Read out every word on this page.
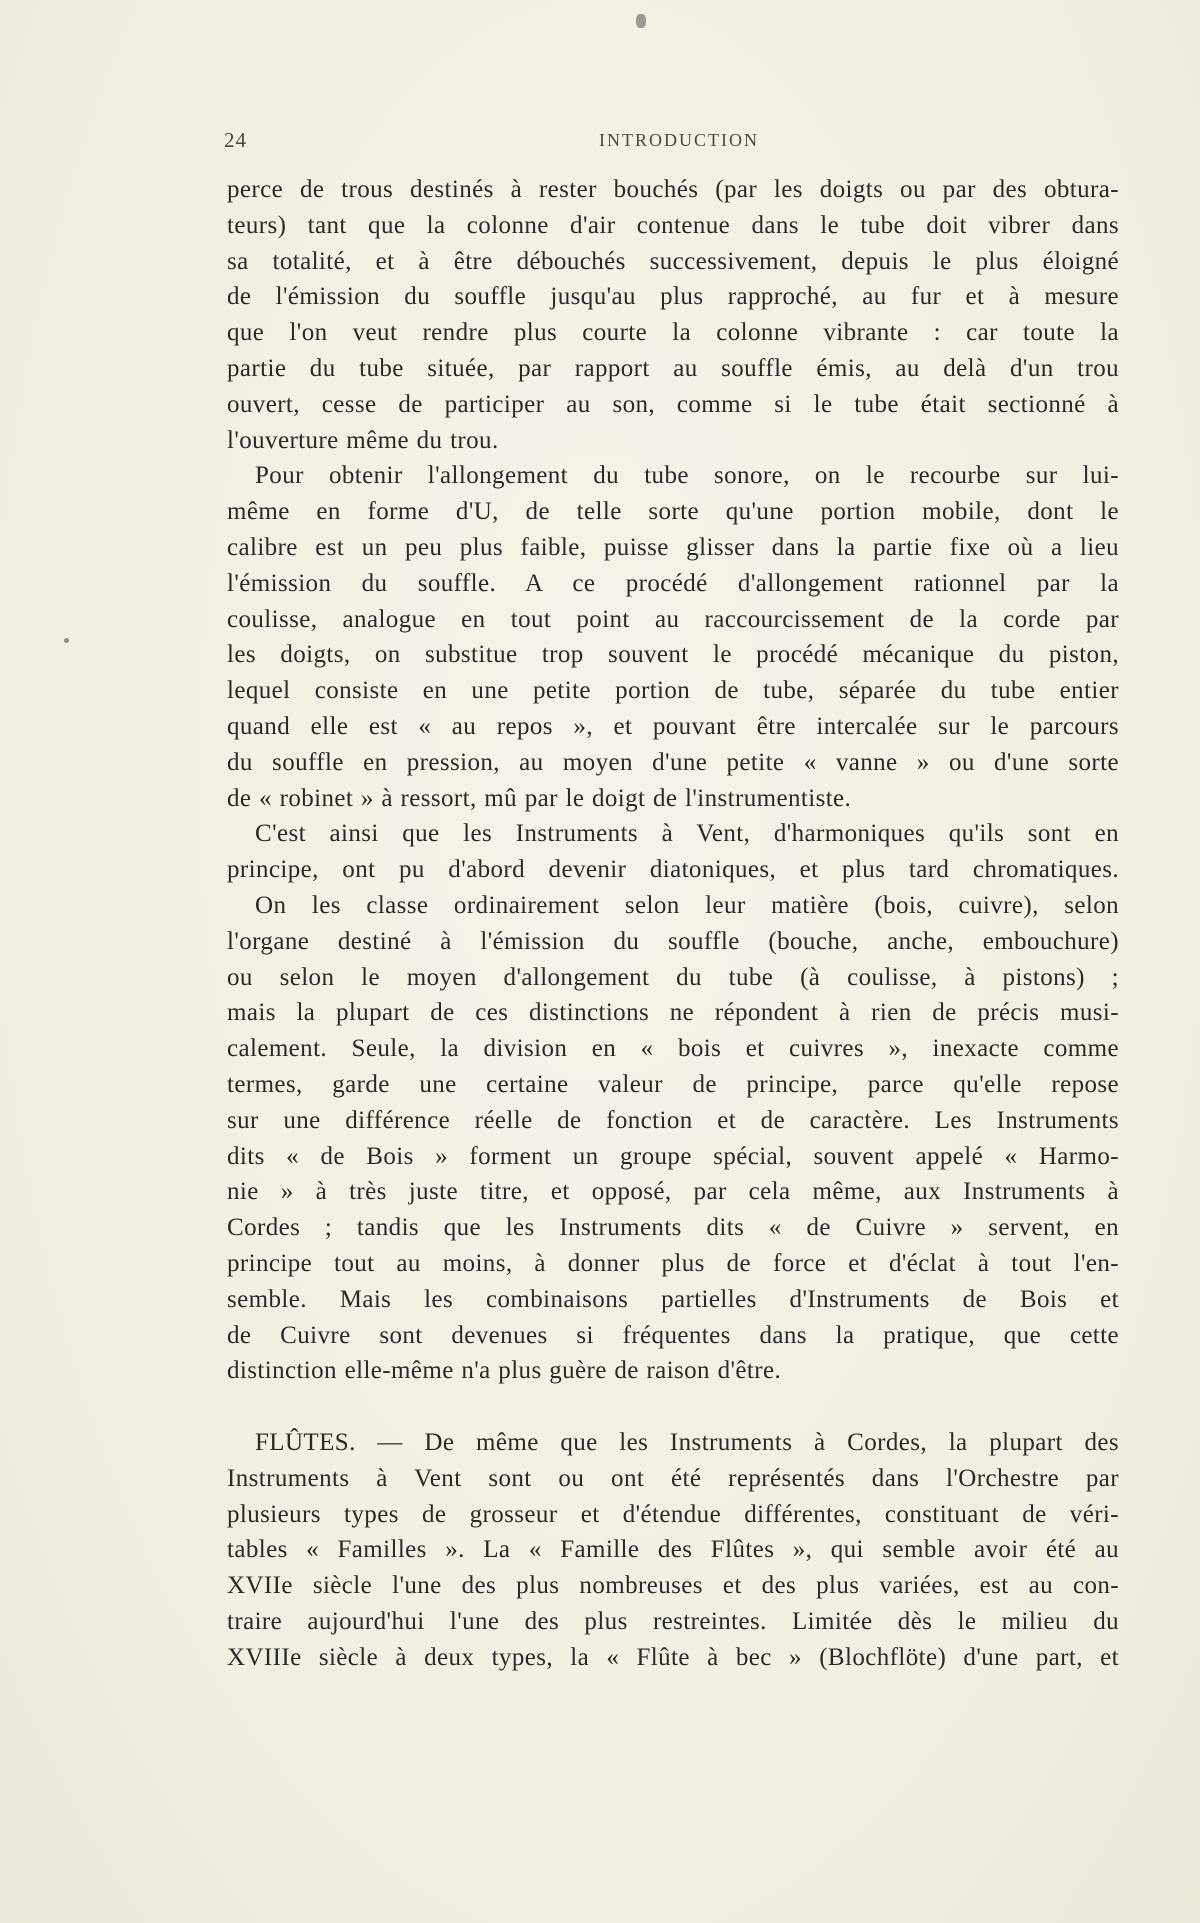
24	INTRODUCTION
perce de trous destinés à rester bouchés (par les doigts ou par des obtura-
teurs) tant que la colonne d'air contenue dans le tube doit vibrer dans
sa totalité, et à être débouchés successivement, depuis le plus éloigné
de l'émission du souffle jusqu'au plus rapproché, au fur et à mesure
que l'on veut rendre plus courte la colonne vibrante : car toute la
partie du tube située, par rapport au souffle émis, au delà d'un trou
ouvert, cesse de participer au son, comme si le tube était sectionné à
l'ouverture même du trou.
Pour obtenir l'allongement du tube sonore, on le recourbe sur lui-
même en forme d'U, de telle sorte qu'une portion mobile, dont le
calibre est un peu plus faible, puisse glisser dans la partie fixe où a lieu
l'émission du souffle. A ce procédé d'allongement rationnel par la
coulisse, analogue en tout point au raccourcissement de la corde par
les doigts, on substitue trop souvent le procédé mécanique du piston,
lequel consiste en une petite portion de tube, séparée du tube entier
quand elle est « au repos », et pouvant être intercalée sur le parcours
du souffle en pression, au moyen d'une petite « vanne » ou d'une sorte
de « robinet » à ressort, mû par le doigt de l'instrumentiste.
C'est ainsi que les Instruments à Vent, d'harmoniques qu'ils sont en
principe, ont pu d'abord devenir diatoniques, et plus tard chromatiques.
On les classe ordinairement selon leur matière (bois, cuivre), selon
l'organe destiné à l'émission du souffle (bouche, anche, embouchure)
ou selon le moyen d'allongement du tube (à coulisse, à pistons) ;
mais la plupart de ces distinctions ne répondent à rien de précis musi-
calement. Seule, la division en « bois et cuivres », inexacte comme
termes, garde une certaine valeur de principe, parce qu'elle repose
sur une différence réelle de fonction et de caractère. Les Instruments
dits « de Bois » forment un groupe spécial, souvent appelé « Harmo-
nie » à très juste titre, et opposé, par cela même, aux Instruments à
Cordes ; tandis que les Instruments dits « de Cuivre » servent, en
principe tout au moins, à donner plus de force et d'éclat à tout l'en-
semble. Mais les combinaisons partielles d'Instruments de Bois et
de Cuivre sont devenues si fréquentes dans la pratique, que cette
distinction elle-même n'a plus guère de raison d'être.
FLÛTES. — De même que les Instruments à Cordes, la plupart des
Instruments à Vent sont ou ont été représentés dans l'Orchestre par
plusieurs types de grosseur et d'étendue différentes, constituant de véri-
tables « Familles ». La « Famille des Flûtes », qui semble avoir été au
XVIIe siècle l'une des plus nombreuses et des plus variées, est au con-
traire aujourd'hui l'une des plus restreintes. Limitée dès le milieu du
XVIIIe siècle à deux types, la « Flûte à bec » (Blochflöte) d'une part, et
